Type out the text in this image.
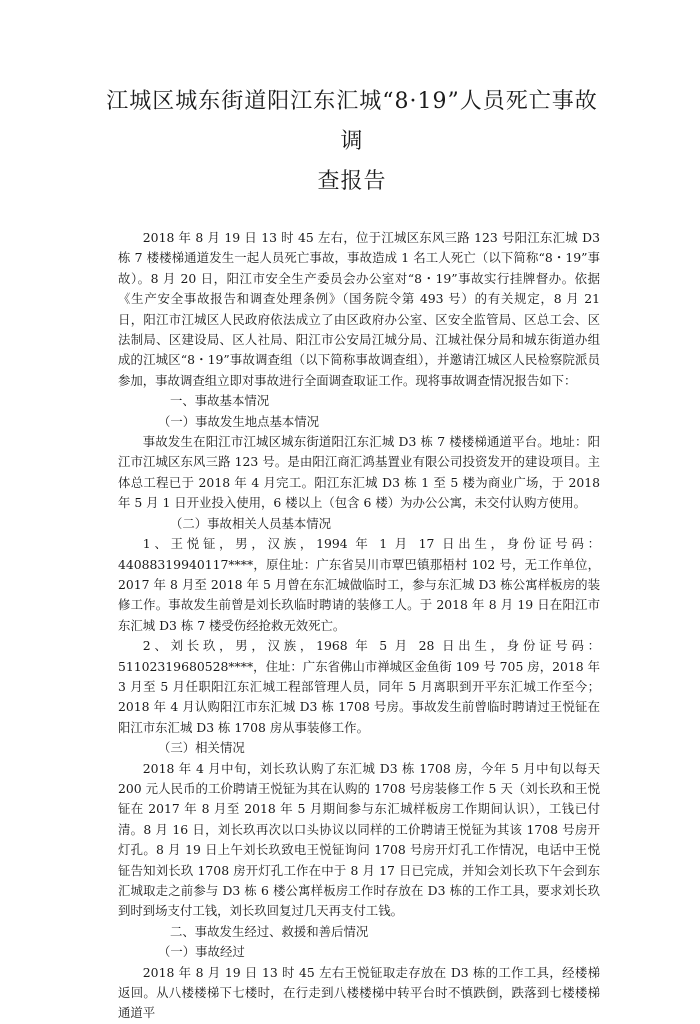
江城区城东街道阳江东汇城“8·19”人员死亡事故调
查报告

2018 年 8 月 19 日 13 时 45 左右，位于江城区东风三路 123 号阳江东汇城 D3 栋 7 楼楼梯通道发生一起人员死亡事故，事故造成 1 名工人死亡（以下简称“8・19”事故）。8 月 20 日，阳江市安全生产委员会办公室对“8・19”事故实行挂牌督办。依据《生产安全事故报告和调查处理条例》（国务院令第 493 号）的有关规定，8 月 21 日，阳江市江城区人民政府依法成立了由区政府办公室、区安全监管局、区总工会、区法制局、区建设局、区人社局、阳江市公安局江城分局、江城社保分局和城东街道办组成的江城区“8・19”事故调查组（以下简称事故调查组），并邀请江城区人民检察院派员参加，事故调查组立即对事故进行全面调查取证工作。现将事故调查情况报告如下：

一、事故基本情况

（一）事故发生地点基本情况

事故发生在阳江市江城区城东街道阳江东汇城 D3 栋 7 楼楼梯通道平台。地址：阳江市江城区东风三路 123 号。是由阳江商汇鸿基置业有限公司投资发开的建设项目。主体总工程已于 2018 年 4 月完工。阳江东汇城 D3 栋 1 至 5 楼为商业广场，于 2018 年 5 月 1 日开业投入使用，6 楼以上（包含 6 楼）为办公公寓，未交付认购方使用。

（二）事故相关人员基本情况

1、王悦钲，男，汉族，1994 年 1 月 17 日出生，身份证号码：44088319940117****，原住址：广东省吴川市覃巴镇那梧村 102 号，无工作单位，2017 年 8 月至 2018 年 5 月曾在东汇城做临时工，参与东汇城 D3 栋公寓样板房的装修工作。事故发生前曾是刘长玖临时聘请的装修工人。于 2018 年 8 月 19 日在阳江市东汇城 D3 栋 7 楼受伤经抢救无效死亡。

2、刘长玖，男，汉族，1968 年 5 月 28 日出生，身份证号码：51102319680528****，住址：广东省佛山市禅城区金鱼街 109 号 705 房，2018 年 3 月至 5 月任职阳江东汇城工程部管理人员，同年 5 月离职到开平东汇城工作至今；2018 年 4 月认购阳江市东汇城 D3 栋 1708 号房。事故发生前曾临时聘请过王悦钲在阳江市东汇城 D3 栋 1708 房从事装修工作。

（三）相关情况

2018 年 4 月中旬，刘长玖认购了东汇城 D3 栋 1708 房，今年 5 月中旬以每天 200 元人民币的工价聘请王悦钲为其在认购的 1708 号房装修工作 5 天（刘长玖和王悦钲在 2017 年 8 月至 2018 年 5 月期间参与东汇城样板房工作期间认识），工钱已付清。8 月 16 日，刘长玖再次以口头协议以同样的工价聘请王悦钲为其该 1708 号房开灯孔。8 月 19 日上午刘长玖致电王悦钲询问 1708 号房开灯孔工作情况，电话中王悦钲告知刘长玖 1708 房开灯孔工作在中于 8 月 17 日已完成，并知会刘长玖下午会到东汇城取走之前参与 D3 栋 6 楼公寓样板房工作时存放在 D3 栋的工作工具，要求刘长玖到时到场支付工钱，刘长玖回复过几天再支付工钱。

二、事故发生经过、救援和善后情况

（一）事故经过

2018 年 8 月 19 日 13 时 45 左右王悦钲取走存放在 D3 栋的工作工具，经楼梯返回。从八楼楼梯下七楼时，在行走到八楼楼梯中转平台时不慎跌倒，跌落到七楼楼梯通道平
